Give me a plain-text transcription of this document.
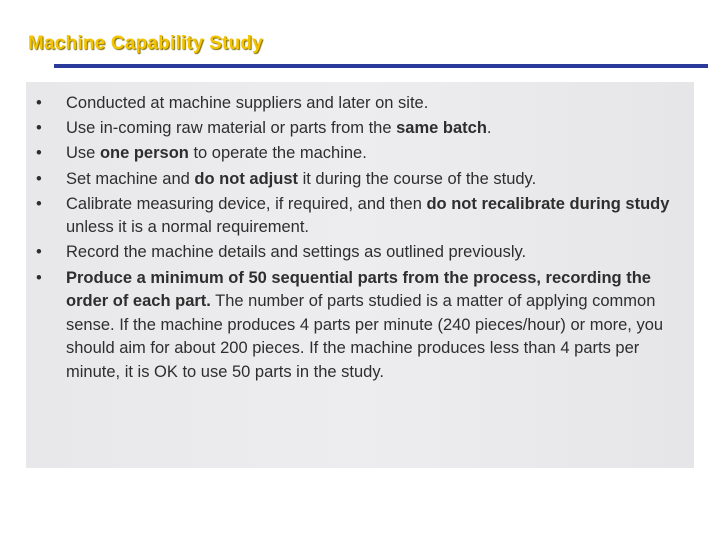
Machine Capability Study
• Conducted at machine suppliers and later on site.
• Use in-coming raw material or parts from the same batch.
• Use one person to operate the machine.
• Set machine and do not adjust it during the course of the study.
• Calibrate measuring device, if required, and then do not recalibrate during study unless it is a normal requirement.
• Record the machine details and settings as outlined previously.
• Produce a minimum of 50 sequential parts from the process, recording the order of each part. The number of parts studied is a matter of applying common sense. If the machine produces 4 parts per minute (240 pieces/hour) or more, you should aim for about 200 pieces. If the machine produces less than 4 parts per minute, it is OK to use 50 parts in the study.
